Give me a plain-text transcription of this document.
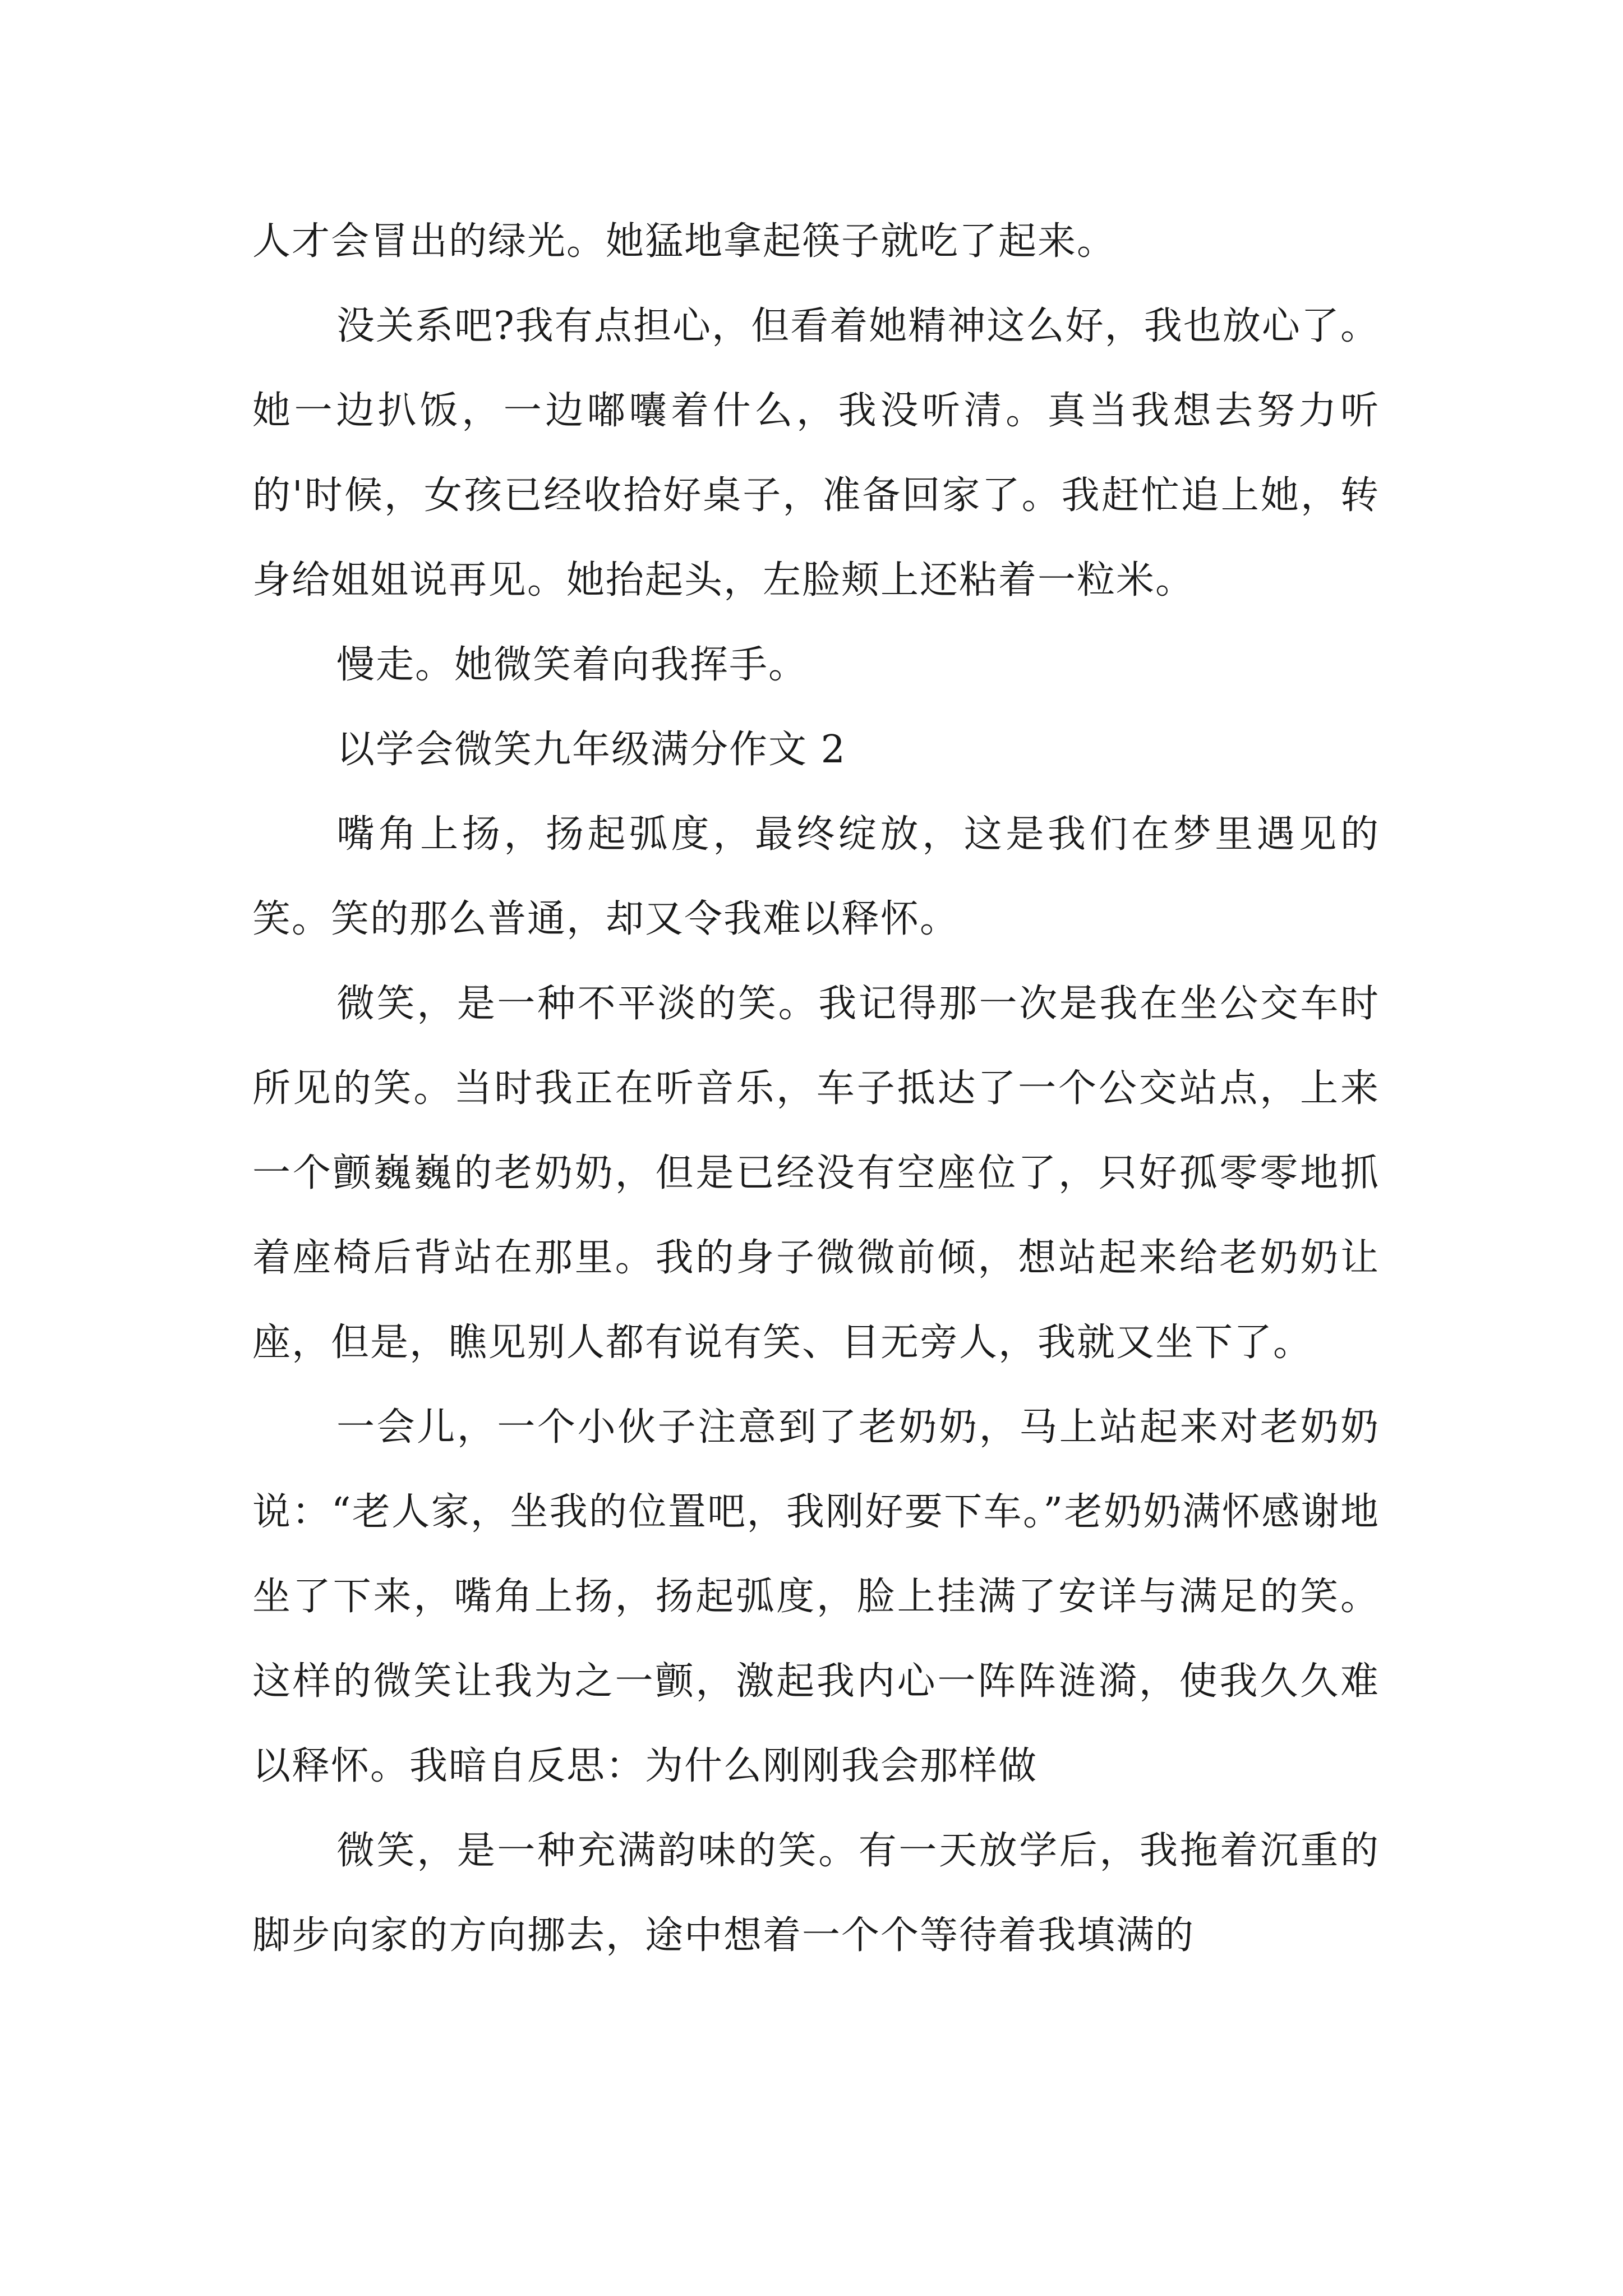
人才会冒出的绿光。她猛地拿起筷子就吃了起来。

没关系吧?我有点担心，但看着她精神这么好，我也放心了。她一边扒饭，一边嘟囔着什么，我没听清。真当我想去努力听的'时候，女孩已经收拾好桌子，准备回家了。我赶忙追上她，转身给姐姐说再见。她抬起头，左脸颊上还粘着一粒米。

慢走。她微笑着向我挥手。

以学会微笑九年级满分作文 2

嘴角上扬，扬起弧度，最终绽放，这是我们在梦里遇见的笑。笑的那么普通，却又令我难以释怀。

微笑，是一种不平淡的笑。我记得那一次是我在坐公交车时所见的笑。当时我正在听音乐，车子抵达了一个公交站点，上来一个颤巍巍的老奶奶，但是已经没有空座位了，只好孤零零地抓着座椅后背站在那里。我的身子微微前倾，想站起来给老奶奶让座，但是，瞧见别人都有说有笑、目无旁人，我就又坐下了。

一会儿，一个小伙子注意到了老奶奶，马上站起来对老奶奶说：“老人家，坐我的位置吧，我刚好要下车。”老奶奶满怀感谢地坐了下来，嘴角上扬，扬起弧度，脸上挂满了安详与满足的笑。这样的微笑让我为之一颤，激起我内心一阵阵涟漪，使我久久难以释怀。我暗自反思：为什么刚刚我会那样做

微笑，是一种充满韵味的笑。有一天放学后，我拖着沉重的脚步向家的方向挪去，途中想着一个个等待着我填满的
